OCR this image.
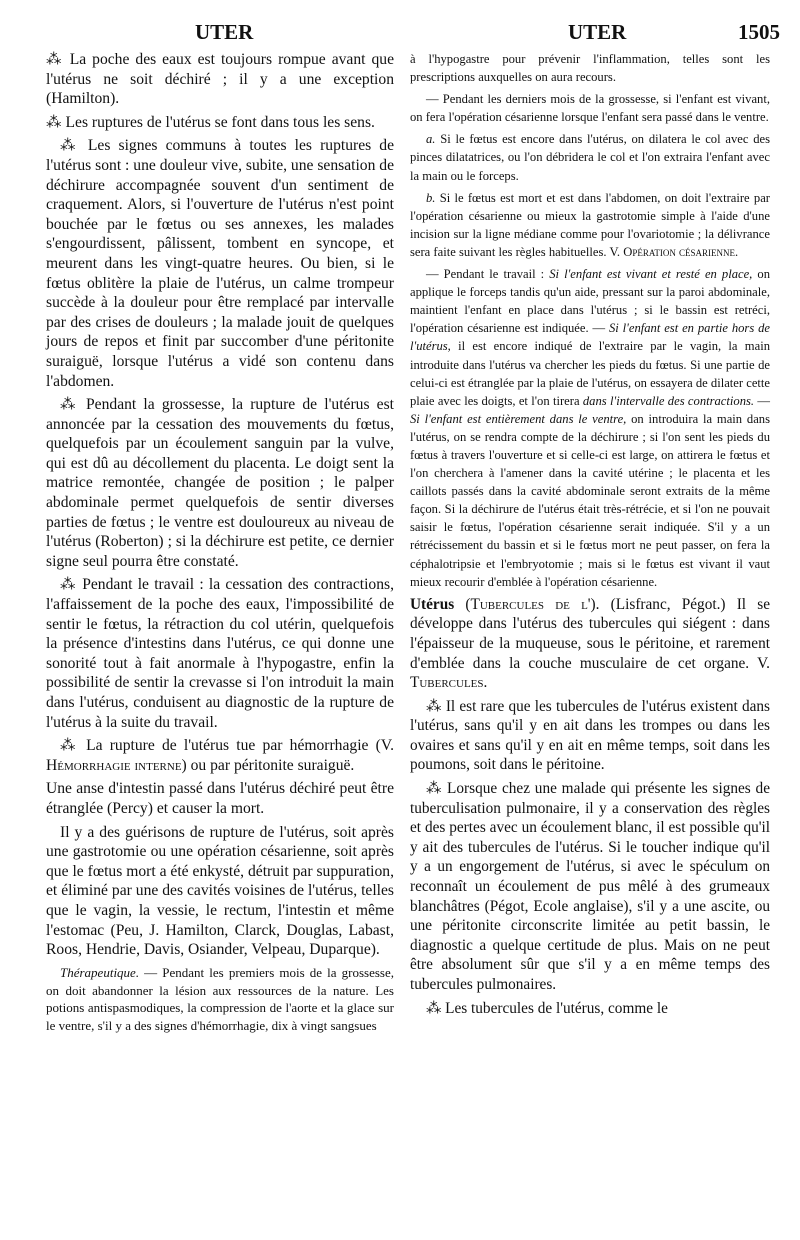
UTER	UTER	1505

⁂ La poche des eaux est toujours rompue avant que l'utérus ne soit déchiré ; il y a une exception (Hamilton).

⁂ Les ruptures de l'utérus se font dans tous les sens.

⁂ Les signes communs à toutes les ruptures de l'utérus sont : une douleur vive, subite, une sensation de déchirure accompagnée souvent d'un sentiment de craquement. Alors, si l'ouverture de l'utérus n'est point bouchée par le fœtus ou ses annexes, les malades s'engourdissent, pâlissent, tombent en syncope, et meurent dans les vingt-quatre heures. Ou bien, si le fœtus oblitère la plaie de l'utérus, un calme trompeur succède à la douleur pour être remplacé par intervalle par des crises de douleurs ; la malade jouit de quelques jours de repos et finit par succomber d'une péritonite suraiguë, lorsque l'utérus a vidé son contenu dans l'abdomen.

⁂ Pendant la grossesse, la rupture de l'utérus est annoncée par la cessation des mouvements du fœtus, quelquefois par un écoulement sanguin par la vulve, qui est dû au décollement du placenta. Le doigt sent la matrice remontée, changée de position ; le palper abdominale permet quelquefois de sentir diverses parties de fœtus ; le ventre est douloureux au niveau de l'utérus (Roberton) ; si la déchirure est petite, ce dernier signe seul pourra être constaté.

⁂ Pendant le travail : la cessation des contractions, l'affaissement de la poche des eaux, l'impossibilité de sentir le fœtus, la rétraction du col utérin, quelquefois la présence d'intestins dans l'utérus, ce qui donne une sonorité tout à fait anormale à l'hypogastre, enfin la possibilité de sentir la crevasse si l'on introduit la main dans l'utérus, conduisent au diagnostic de la rupture de l'utérus à la suite du travail.

⁂ La rupture de l'utérus tue par hémorrhagie (V. Hémorrhagie interne) ou par péritonite suraiguë.

Une anse d'intestin passé dans l'utérus déchiré peut être étranglée (Percy) et causer la mort.

Il y a des guérisons de rupture de l'utérus, soit après une gastrotomie ou une opération césarienne, soit après que le fœtus mort a été enkysté, détruit par suppuration, et éliminé par une des cavités voisines de l'utérus, telles que le vagin, la vessie, le rectum, l'intestin et même l'estomac (Peu, J. Hamilton, Clarck, Douglas, Labast, Roos, Hendrie, Davis, Osiander, Velpeau, Duparque).

Thérapeutique. — Pendant les premiers mois de la grossesse, on doit abandonner la lésion aux ressources de la nature. Les potions antispasmodiques, la compression de l'aorte et la glace sur le ventre, s'il y a des signes d'hémorrhagie, dix à vingt sangsues

à l'hypogastre pour prévenir l'inflammation, telles sont les prescriptions auxquelles on aura recours.

— Pendant les derniers mois de la grossesse, si l'enfant est vivant, on fera l'opération césarienne lorsque l'enfant sera passé dans le ventre.

a. Si le fœtus est encore dans l'utérus, on dilatera le col avec des pinces dilatatrices, ou l'on débridera le col et l'on extraira l'enfant avec la main ou le forceps.

b. Si le fœtus est mort et est dans l'abdomen, on doit l'extraire par l'opération césarienne ou mieux la gastrotomie simple à l'aide d'une incision sur la ligne médiane comme pour l'ovariotomie ; la délivrance sera faite suivant les règles habituelles. V. Opération césarienne.

— Pendant le travail : Si l'enfant est vivant et resté en place, on applique le forceps tandis qu'un aide, pressant sur la paroi abdominale, maintient l'enfant en place dans l'utérus ; si le bassin est retréci, l'opération césarienne est indiquée. — Si l'enfant est en partie hors de l'utérus, il est encore indiqué de l'extraire par le vagin, la main introduite dans l'utérus va chercher les pieds du fœtus. Si une partie de celui-ci est étranglée par la plaie de l'utérus, on essayera de dilater cette plaie avec les doigts, et l'on tirera dans l'intervalle des contractions. — Si l'enfant est entièrement dans le ventre, on introduira la main dans l'utérus, on se rendra compte de la déchirure ; si l'on sent les pieds du fœtus à travers l'ouverture et si celle-ci est large, on attirera le fœtus et l'on cherchera à l'amener dans la cavité utérine ; le placenta et les caillots passés dans la cavité abdominale seront extraits de la même façon. Si la déchirure de l'utérus était très-rétrécie, et si l'on ne pouvait saisir le fœtus, l'opération césarienne serait indiquée. S'il y a un rétrécissement du bassin et si le fœtus mort ne peut passer, on fera la céphalotripsie et l'embryotomie ; mais si le fœtus est vivant il vaut mieux recourir d'emblée à l'opération césarienne.

Utérus (Tubercules de l'). (Lisfranc, Pégot.) Il se développe dans l'utérus des tubercules qui siégent : dans l'épaisseur de la muqueuse, sous le péritoine, et rarement d'emblée dans la couche musculaire de cet organe. V. Tubercules.

⁂ Il est rare que les tubercules de l'utérus existent dans l'utérus, sans qu'il y en ait dans les trompes ou dans les ovaires et sans qu'il y en ait en même temps, soit dans les poumons, soit dans le péritoine.

⁂ Lorsque chez une malade qui présente les signes de tuberculisation pulmonaire, il y a conservation des règles et des pertes avec un écoulement blanc, il est possible qu'il y ait des tubercules de l'utérus. Si le toucher indique qu'il y a un engorgement de l'utérus, si avec le spéculum on reconnaît un écoulement de pus mêlé à des grumeaux blanchâtres (Pégot, Ecole anglaise), s'il y a une ascite, ou une péritonite circonscrite limitée au petit bassin, le diagnostic a quelque certitude de plus. Mais on ne peut être absolument sûr que s'il y a en même temps des tubercules pulmonaires.

⁂ Les tubercules de l'utérus, comme le
